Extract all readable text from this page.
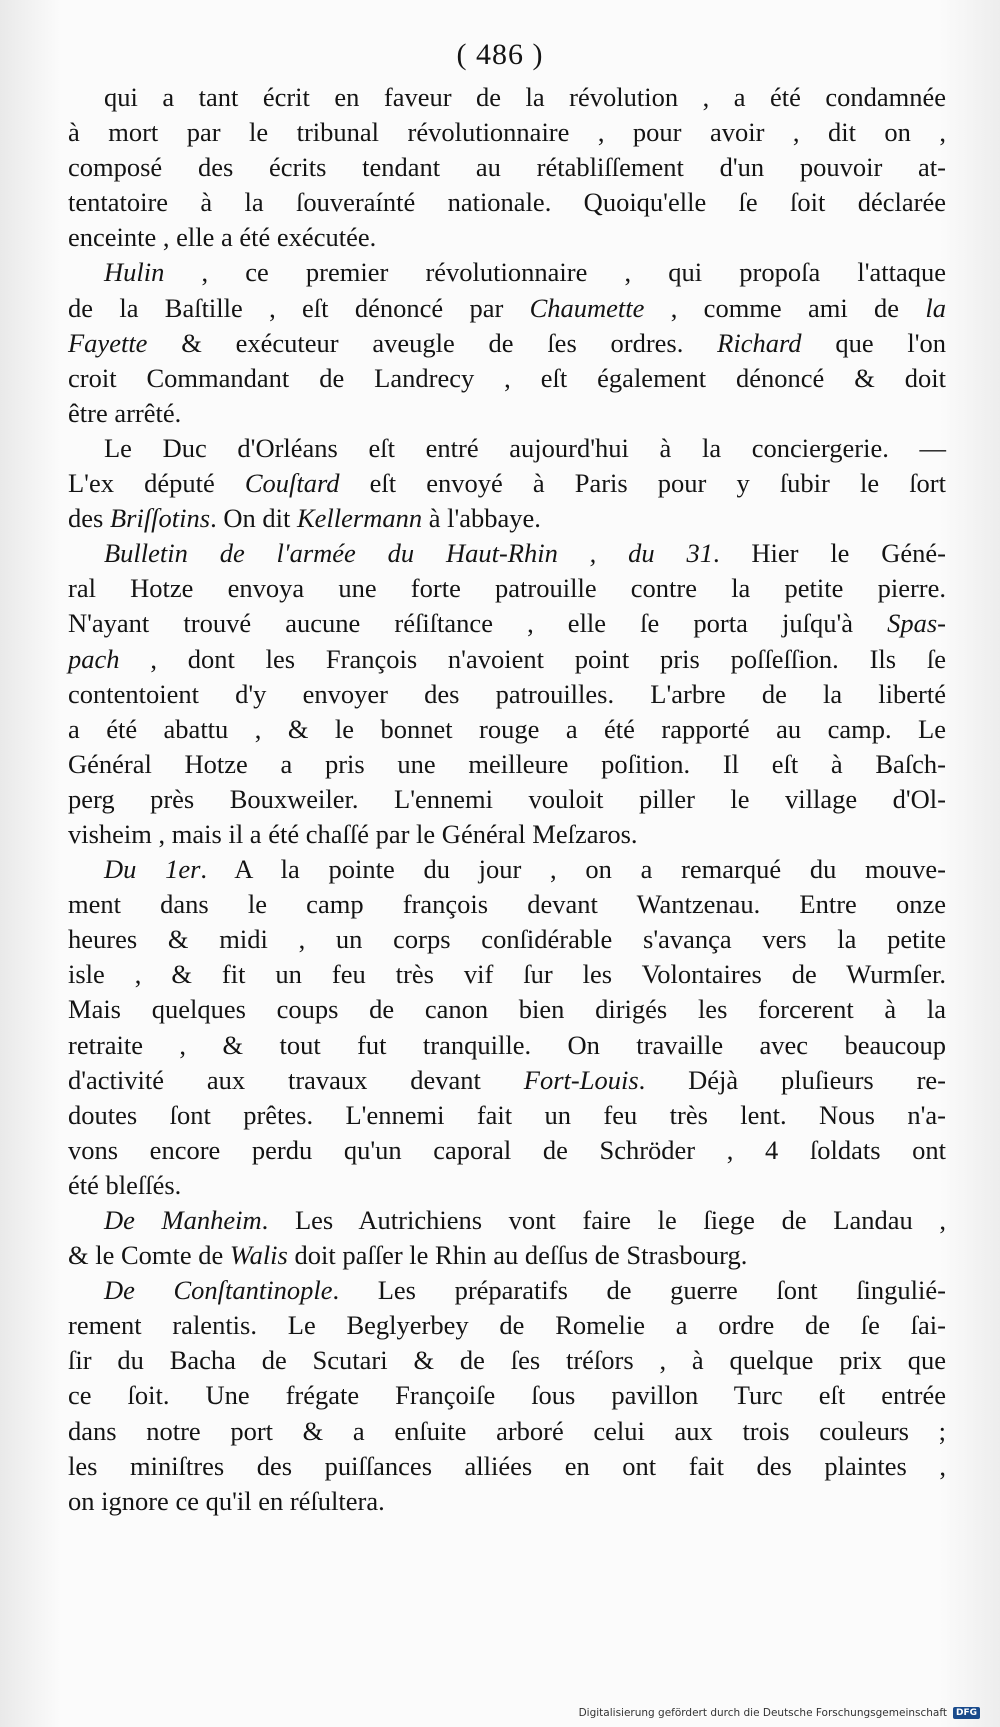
( 486 )
qui a tant écrit en faveur de la révolution , a été condamnée
à mort par le tribunal révolutionnaire , pour avoir , dit on ,
composé des écrits tendant au rétabliſſement d'un pouvoir at-
tentatoire à la ſouveraínté nationale. Quoiqu'elle ſe ſoit déclarée
enceinte , elle a été exécutée.
Hulin , ce premier révolutionnaire , qui propoſa l'attaque
de la Baſtille , eſt dénoncé par Chaumette , comme ami de la
Fayette & exécuteur aveugle de ſes ordres. Richard que l'on
croit Commandant de Landrecy , eſt également dénoncé & doit
être arrêté.
Le Duc d'Orléans eſt entré aujourd'hui à la conciergerie. —
L'ex député Couſtard eſt envoyé à Paris pour y ſubir le ſort
des Briſſotins. On dit Kellermann à l'abbaye.
Bulletin de l'armée du Haut-Rhin , du 31. Hier le Géné-
ral Hotze envoya une forte patrouille contre la petite pierre.
N'ayant trouvé aucune réſiſtance , elle ſe porta juſqu'à Spas-
pach , dont les François n'avoient point pris poſſeſſion. Ils ſe
contentoient d'y envoyer des patrouilles. L'arbre de la liberté
a été abattu , & le bonnet rouge a été rapporté au camp. Le
Général Hotze a pris une meilleure poſition. Il eſt à Baſch-
perg près Bouxweiler. L'ennemi vouloit piller le village d'Ol-
visheim , mais il a été chaſſé par le Général Meſzaros.
Du 1er. A la pointe du jour , on a remarqué du mouve-
ment dans le camp françois devant Wantzenau. Entre onze
heures & midi , un corps conſidérable s'avança vers la petite
isle , & fit un feu très vif ſur les Volontaires de Wurmſer.
Mais quelques coups de canon bien dirigés les forcerent à la
retraite , & tout fut tranquille. On travaille avec beaucoup
d'activité aux travaux devant Fort-Louis. Déjà pluſieurs re-
doutes ſont prêtes. L'ennemi fait un feu très lent. Nous n'a-
vons encore perdu qu'un caporal de Schröder , 4 ſoldats ont
été bleſſés.
De Manheim. Les Autrichiens vont faire le ſiege de Landau ,
& le Comte de Walis doit paſſer le Rhin au deſſus de Strasbourg.
De Conſtantinople. Les préparatifs de guerre ſont ſingulié-
rement ralentis. Le Beglyerbey de Romelie a ordre de ſe ſai-
ſir du Bacha de Scutari & de ſes tréſors , à quelque prix que
ce ſoit. Une frégate Françoiſe ſous pavillon Turc eſt entrée
dans notre port & a enſuite arboré celui aux trois couleurs ;
les miniſtres des puiſſances alliées en ont fait des plaintes ,
on ignore ce qu'il en réſultera.
Digitalisierung gefördert durch die Deutsche Forschungsgemeinschaft	DFG
